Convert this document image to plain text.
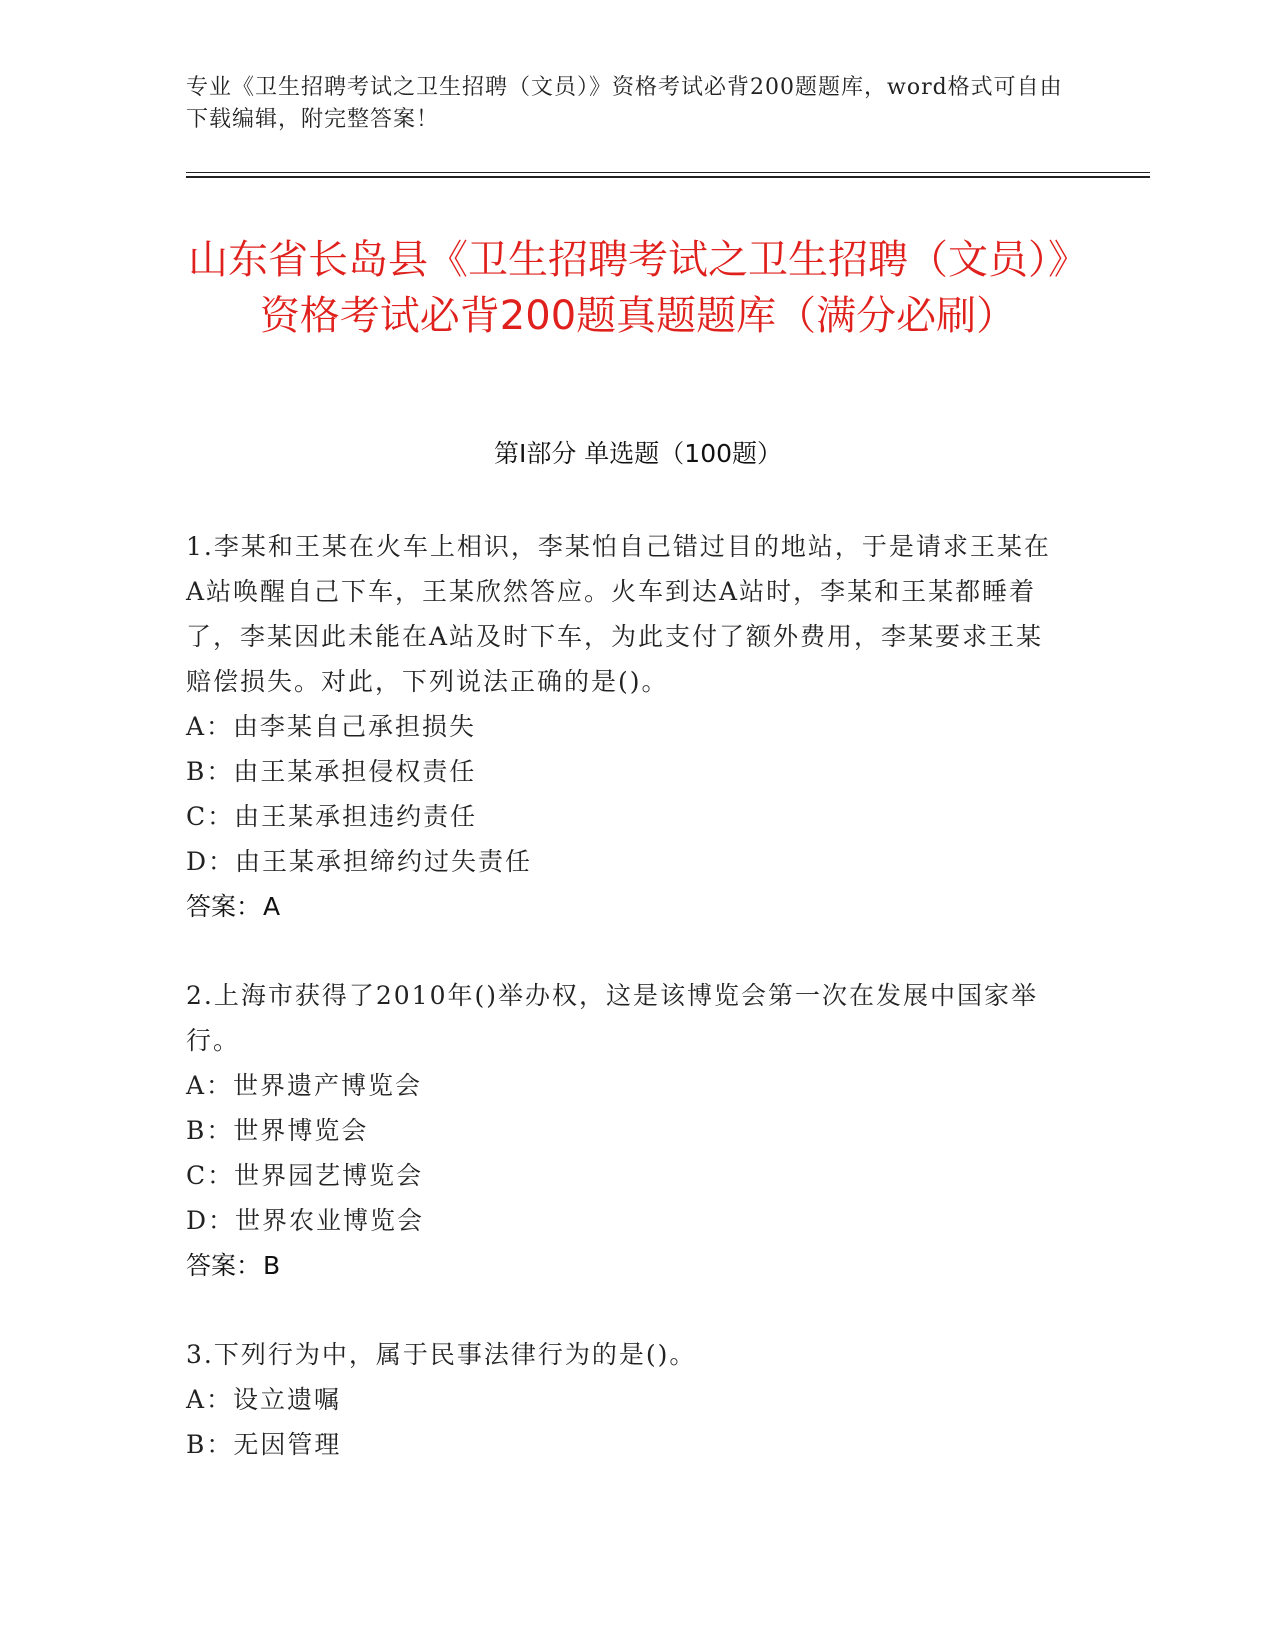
专业《卫生招聘考试之卫生招聘（文员）》资格考试必背200题题库，word格式可自由下载编辑，附完整答案！
山东省长岛县《卫生招聘考试之卫生招聘（文员）》资格考试必背200题真题题库（满分必刷）
第Ⅰ部分 单选题（100题）

1.李某和王某在火车上相识，李某怕自己错过目的地站，于是请求王某在A站唤醒自己下车，王某欣然答应。火车到达A站时，李某和王某都睡着了，李某因此未能在A站及时下车，为此支付了额外费用，李某要求王某赔偿损失。对此，下列说法正确的是()。

A：由李某自己承担损失

B：由王某承担侵权责任

C：由王某承担违约责任

D：由王某承担缔约过失责任

答案：A

2.上海市获得了2010年()举办权，这是该博览会第一次在发展中国家举行。

A：世界遗产博览会

B：世界博览会

C：世界园艺博览会

D：世界农业博览会

答案：B

3.下列行为中，属于民事法律行为的是()。

A：设立遗嘱

B：无因管理
